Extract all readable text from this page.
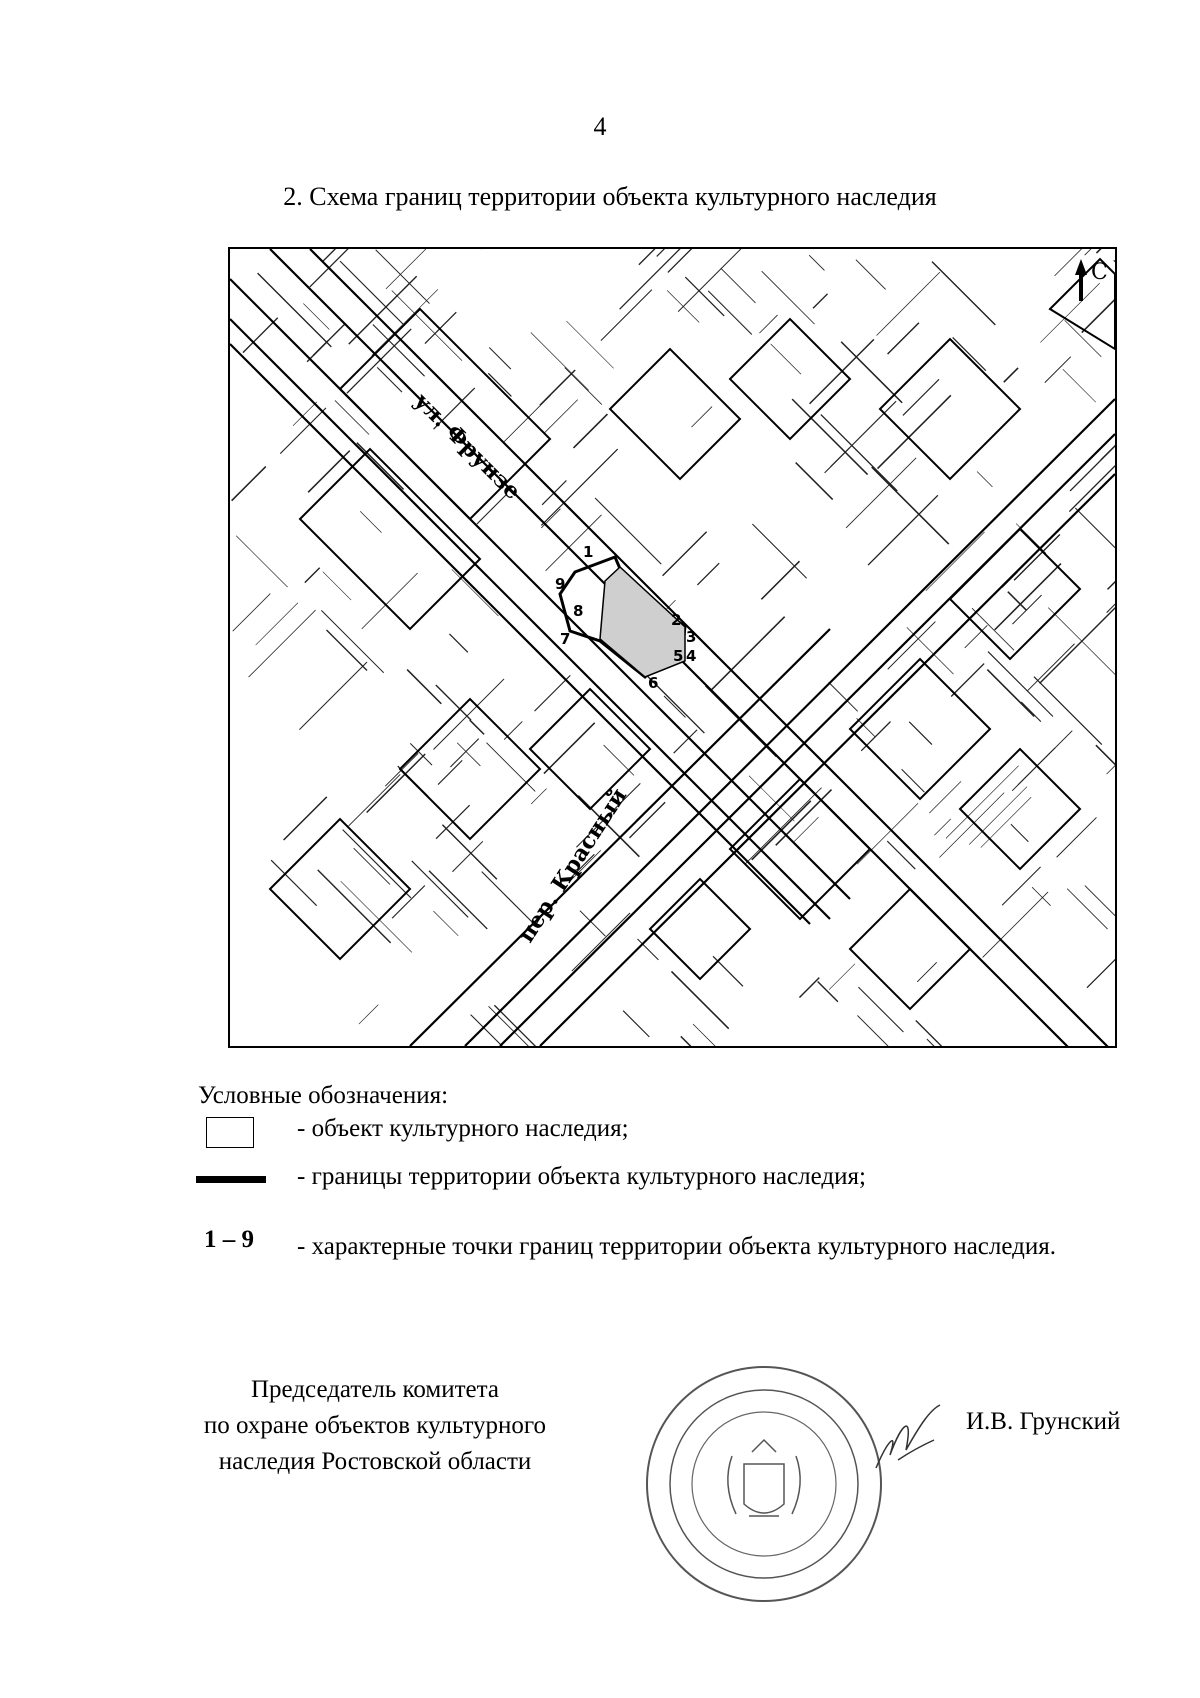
4
2. Схема границ территории объекта культурного наследия
1
2
3
4
5
6
7
8
9
ул. Фрунзе
пер. Красный
С
Условные обозначения:
- объект культурного наследия;
- границы территории объекта культурного наследия;
1 – 9 - характерные точки границ территории объекта культурного наследия.
Председатель комитета
по охране объектов культурного
наследия Ростовской области
И.В. Грунский
